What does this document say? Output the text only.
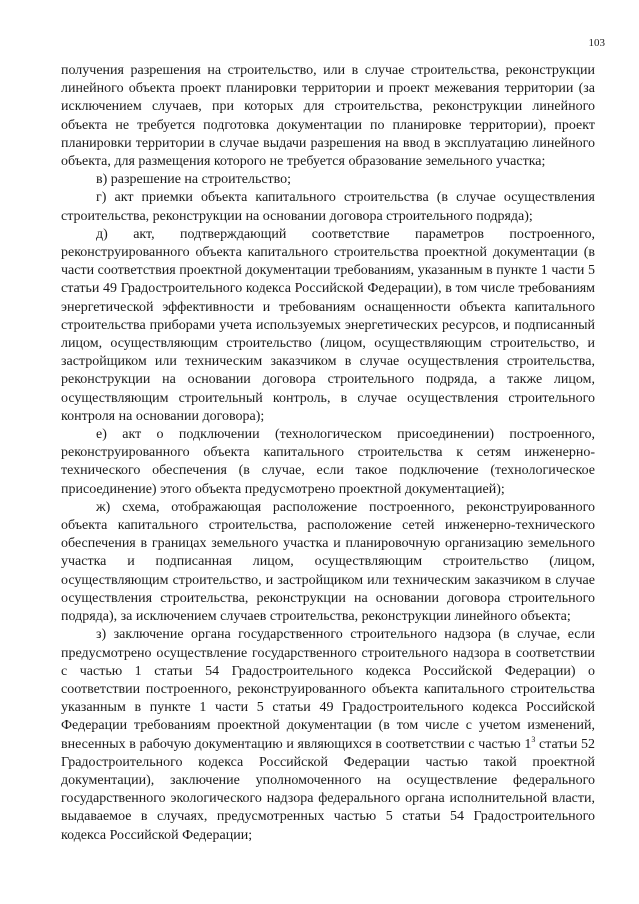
103

получения разрешения на строительство, или в случае строительства, реконструкции линейного объекта проект планировки территории и проект межевания территории (за исключением случаев, при которых для строительства, реконструкции линейного объекта не требуется подготовка документации по планировке территории), проект планировки территории в случае выдачи разрешения на ввод в эксплуатацию линейного объекта, для размещения которого не требуется образование земельного участка;

в) разрешение на строительство;

г) акт приемки объекта капитального строительства (в случае осуществления строительства, реконструкции на основании договора строительного подряда);

д) акт, подтверждающий соответствие параметров построенного, реконструированного объекта капитального строительства проектной документации (в части соответствия проектной документации требованиям, указанным в пункте 1 части 5 статьи 49 Градостроительного кодекса Российской Федерации), в том числе требованиям энергетической эффективности и требованиям оснащенности объекта капитального строительства приборами учета используемых энергетических ресурсов, и подписанный лицом, осуществляющим строительство (лицом, осуществляющим строительство, и застройщиком или техническим заказчиком в случае осуществления строительства, реконструкции на основании договора строительного подряда, а также лицом, осуществляющим строительный контроль, в случае осуществления строительного контроля на основании договора);

е) акт о подключении (технологическом присоединении) построенного, реконструированного объекта капитального строительства к сетям инженерно-технического обеспечения (в случае, если такое подключение (технологическое присоединение) этого объекта предусмотрено проектной документацией);

ж) схема, отображающая расположение построенного, реконструированного объекта капитального строительства, расположение сетей инженерно-технического обеспечения в границах земельного участка и планировочную организацию земельного участка и подписанная лицом, осуществляющим строительство (лицом, осуществляющим строительство, и застройщиком или техническим заказчиком в случае осуществления строительства, реконструкции на основании договора строительного подряда), за исключением случаев строительства, реконструкции линейного объекта;

з) заключение органа государственного строительного надзора (в случае, если предусмотрено осуществление государственного строительного надзора в соответствии с частью 1 статьи 54 Градостроительного кодекса Российской Федерации) о соответствии построенного, реконструированного объекта капитального строительства указанным в пункте 1 части 5 статьи 49 Градостроительного кодекса Российской Федерации требованиям проектной документации (в том числе с учетом изменений, внесенных в рабочую документацию и являющихся в соответствии с частью $1^3$ статьи 52 Градостроительного кодекса Российской Федерации частью такой проектной документации), заключение уполномоченного на осуществление федерального государственного экологического надзора федерального органа исполнительной власти, выдаваемое в случаях, предусмотренных частью 5 статьи 54 Градостроительного кодекса Российской Федерации;
